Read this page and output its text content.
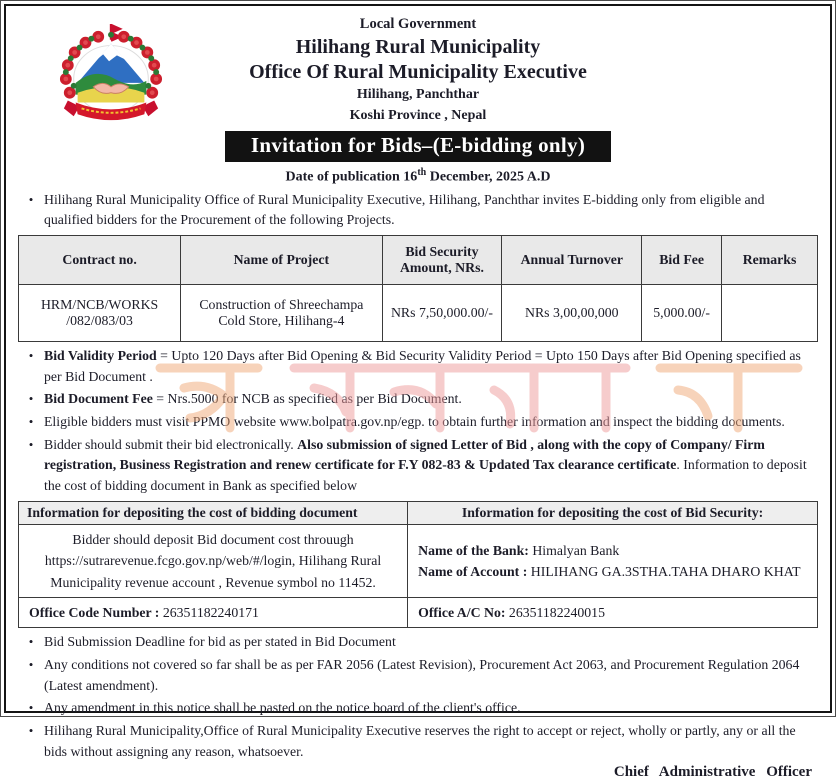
Local Government
Hilihang Rural Municipality
Office Of Rural Municipality Executive
Hilihang, Panchthar
Koshi Province , Nepal
Invitation for Bids–(E-bidding only)
Date of publication 16th December, 2025 A.D
• Hilihang Rural Municipality Office of Rural Municipality Executive, Hilihang, Panchthar invites E-bidding only from eligible and qualified bidders for the Procurement of the following Projects.
Contract no.	Name of Project	Bid Security Amount, NRs.	Annual Turnover	Bid Fee	Remarks
HRM/NCB/WORKS /082/083/03	Construction of Shreechampa Cold Store, Hilihang-4	NRs 7,50,000.00/-	NRs 3,00,00,000	5,000.00/-	
• Bid Validity Period = Upto 120 Days after Bid Opening & Bid Security Validity Period = Upto 150 Days after Bid Opening specified as per Bid Document .
• Bid Document Fee = Nrs.5000 for NCB as specified as per Bid Document.
• Eligible bidders must visit PPMO website www.bolpatra.gov.np/egp. to obtain further information and inspect the bidding documents.
• Bidder should submit their bid electronically. Also submission of signed Letter of Bid , along with the copy of Company/ Firm registration, Business Registration and renew certificate for F.Y 082-83 & Updated Tax clearance certificate. Information to deposit the cost of bidding document in Bank as specified below
Information for depositing the cost of bidding document	Information for depositing the cost of Bid Security:
Bidder should deposit Bid document cost throuugh https://sutrarevenue.fcgo.gov.np/web/#/login, Hilihang Rural Municipality revenue account , Revenue symbol no 11452.	Name of the Bank: Himalyan Bank
Name of Account : HILIHANG GA.3STHA.TAHA DHARO KHAT

Office Code Number : 26351182240171	Office A/C No: 26351182240015
• Bid Submission Deadline for bid as per stated in Bid Document
• Any conditions not covered so far shall be as per FAR 2056 (Latest Revision), Procurement Act 2063, and Procurement Regulation 2064 (Latest amendment).
• Any amendment in this notice shall be pasted on the notice board of the client's office.
• Hilihang Rural Municipality,Office of Rural Municipality Executive reserves the right to accept or reject, wholly or partly, any or all the bids without assigning any reason, whatsoever.
Chief Administrative Officer
